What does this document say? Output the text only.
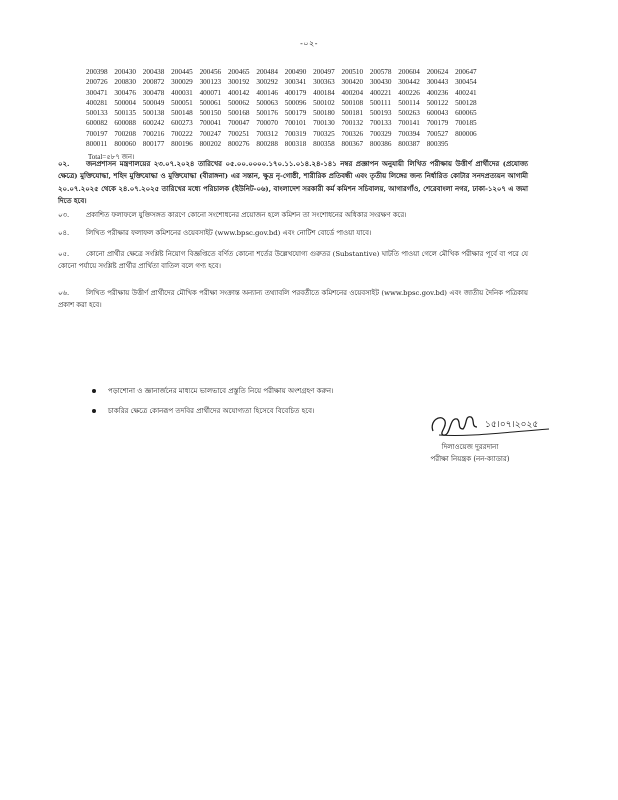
-০২-
200398	200430	200438	200445	200456	200465	200484	200490	200497	200510	200578	200604	200624	200647
200726	200830	200872	300029	300123	300192	300292	300341	300363	300420	300430	300442	300443	300454
300471	300476	300478	400031	400071	400142	400146	400179	400184	400204	400221	400226	400236	400241
400281	500004	500049	500051	500061	500062	500063	500096	500102	500108	500111	500114	500122	500128
500133	500135	500138	500148	500150	500168	500176	500179	500180	500181	500193	500263	600043	600065
600082	600088	600242	600273	700041	700047	700070	700101	700130	700132	700133	700141	700179	700185
700197	700208	700216	700222	700247	700251	700312	700319	700325	700326	700329	700394	700527	800006
800011	800060	800177	800196	800202	800276	800288	800318	800358	800367	800386	800387	800395	
Total=৫৮৭ জন।
০২. জনপ্রশাসন মন্ত্রণালয়ের ২৩.০৭.২০২৪ তারিখের ০৫.০০.০০০০.১৭০.১১.০১৪.২৪-১৪১ নম্বর প্রজ্ঞাপন অনুযায়ী লিখিত পরীক্ষায় উত্তীর্ণ প্রার্থীদের (প্রযোজ্য ক্ষেত্রে) মুক্তিযোদ্ধা, শহিদ মুক্তিযোদ্ধা ও মুক্তিযোদ্ধা (বীরাঙ্গনা) এর সন্তান, ক্ষুদ্র নৃ-গোষ্ঠী, শারীরিক প্রতিবন্ধী এবং তৃতীয় লিঙ্গের জন্য নির্ধারিত কোটার সনদপ্রত্যয়ন আগামী ২০.০৭.২০২৫ থেকে ২৪.০৭.২০২৫ তারিখের মধ্যে পরিচালক (ইউনিট-০৬), বাংলাদেশ সরকারী কর্ম কমিশন সচিবালয়, আগারগাঁও, শেরেবাংলা নগর, ঢাকা-১২০৭ এ জমা দিতে হবে।
০৩. প্রকাশিত ফলাফলে যুক্তিসঙ্গত কারণে কোনো সংশোধনের প্রয়োজন হলে কমিশন তা সংশোধনের অধিকার সংরক্ষণ করে।
০৪. লিখিত পরীক্ষার ফলাফল কমিশনের ওয়েবসাইট (www.bpsc.gov.bd) এবং নোটিশ বোর্ডে পাওয়া যাবে।
০৫. কোনো প্রার্থীর ক্ষেত্রে সংশ্লিষ্ট নিয়োগ বিজ্ঞপ্তিতে বর্ণিত কোনো শর্তের উল্লেখযোগ্য গুরুতর (Substantive) ঘাটতি পাওয়া গেলে মৌখিক পরীক্ষার পূর্বে বা পরে যে কোনো পর্যায়ে সংশ্লিষ্ট প্রার্থীর প্রার্থিতা বাতিল বলে গণ্য হবে।
০৬. লিখিত পরীক্ষায় উত্তীর্ণ প্রার্থীদের মৌখিক পরীক্ষা সংক্রান্ত অন্যান্য তথ্যাবলি পরবর্তীতে কমিশনের ওয়েবসাইট (www.bpsc.gov.bd) এবং জাতীয় দৈনিক পত্রিকায় প্রকাশ করা হবে।
পড়াশোনা ও জ্ঞানার্জনের মাধ্যমে ভালভাবে প্রস্তুতি নিয়ে পরীক্ষায় অংশগ্রহণ করুন।
চাকরির ক্ষেত্রে কোনরূপ তদবির প্রার্থীদের অযোগ্যতা হিসেবে বিবেচিত হবে।
১৫।০৭।২০২৫
দিলাওয়েজ দুররদানা
পরীক্ষা নিয়ন্ত্রক (নন-ক্যাডার)
